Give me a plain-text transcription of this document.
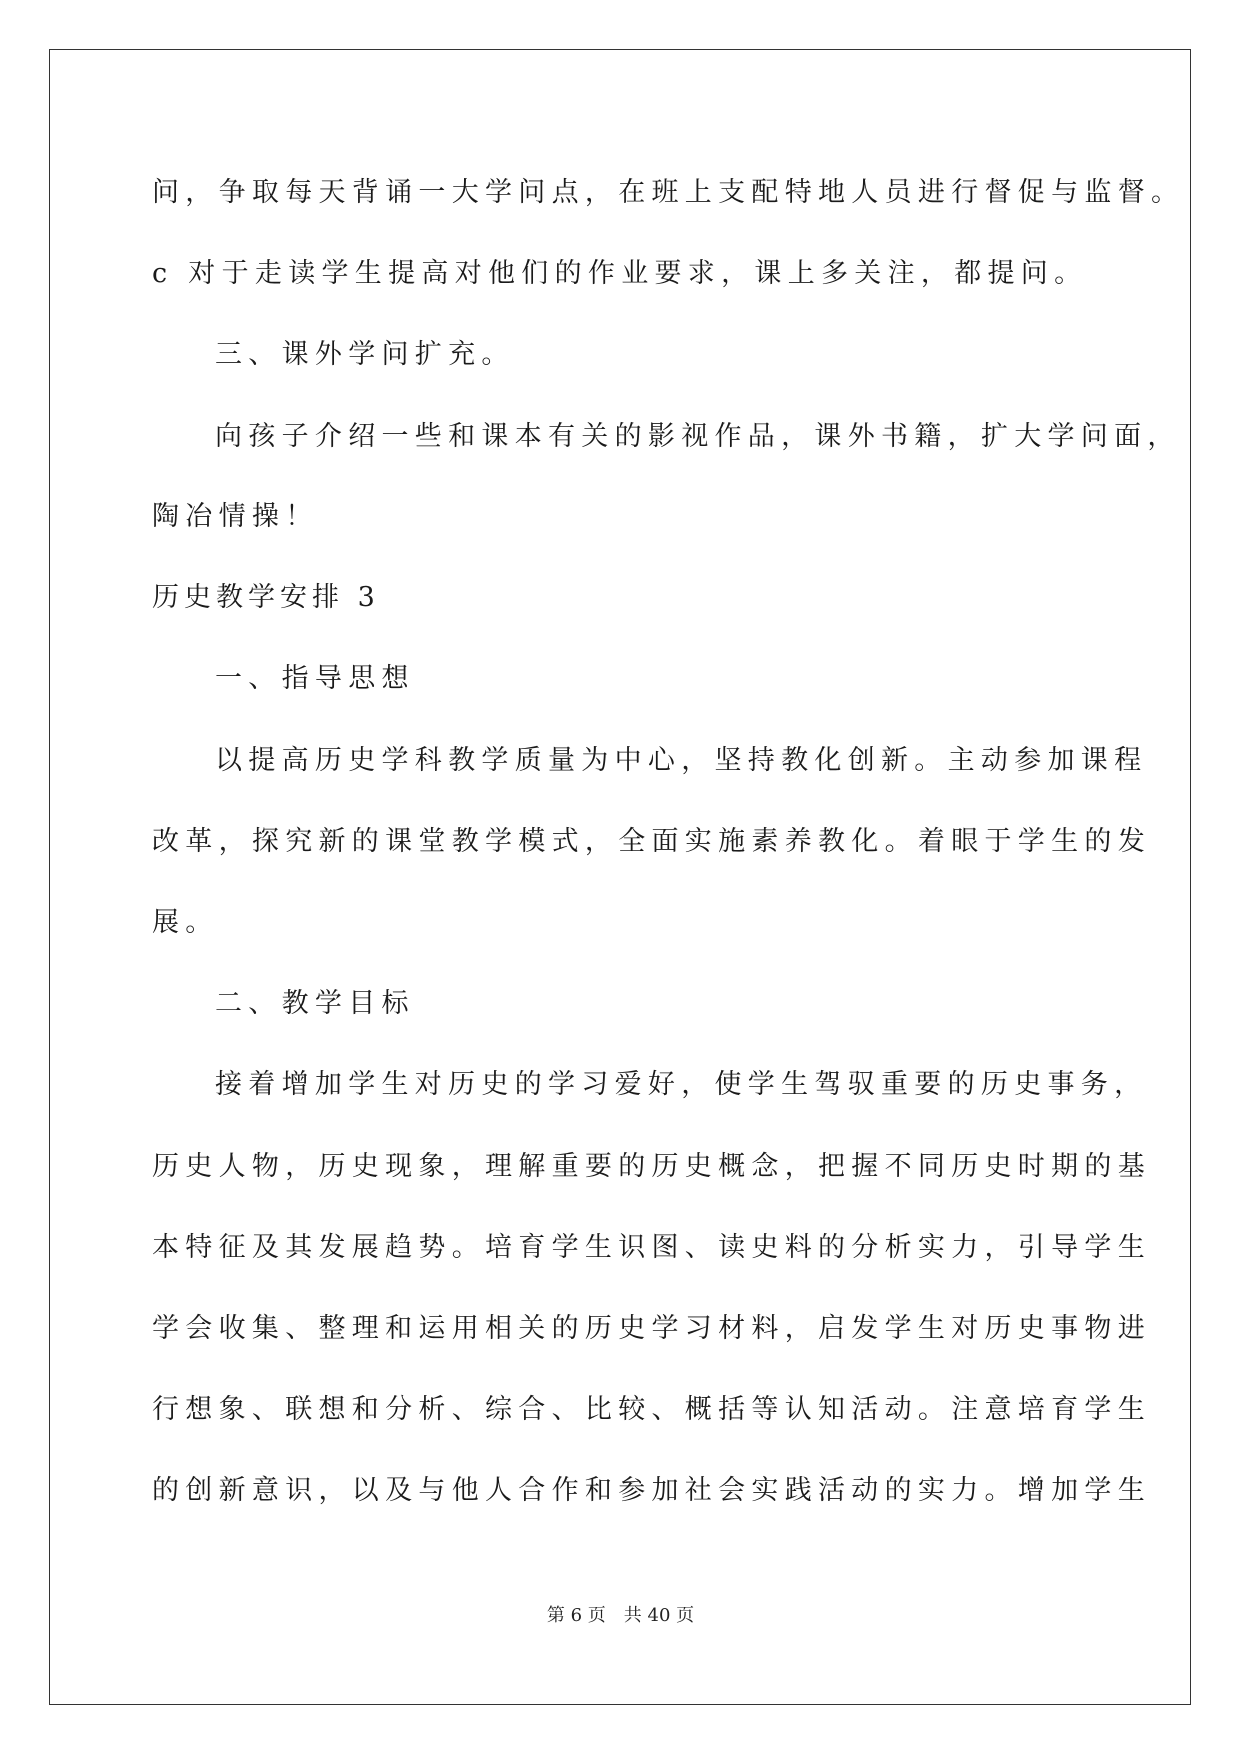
问，争取每天背诵一大学问点，在班上支配特地人员进行督促与监督。
c 对于走读学生提高对他们的作业要求，课上多关注，都提问。
三、课外学问扩充。
向孩子介绍一些和课本有关的影视作品，课外书籍，扩大学问面，
陶冶情操！
历史教学安排 3
一、指导思想
以提高历史学科教学质量为中心，坚持教化创新。主动参加课程
改革，探究新的课堂教学模式，全面实施素养教化。着眼于学生的发
展。
二、教学目标
接着增加学生对历史的学习爱好，使学生驾驭重要的历史事务，
历史人物，历史现象，理解重要的历史概念，把握不同历史时期的基
本特征及其发展趋势。培育学生识图、读史料的分析实力，引导学生
学会收集、整理和运用相关的历史学习材料，启发学生对历史事物进
行想象、联想和分析、综合、比较、概括等认知活动。注意培育学生
的创新意识，以及与他人合作和参加社会实践活动的实力。增加学生
第 6 页 共 40 页
